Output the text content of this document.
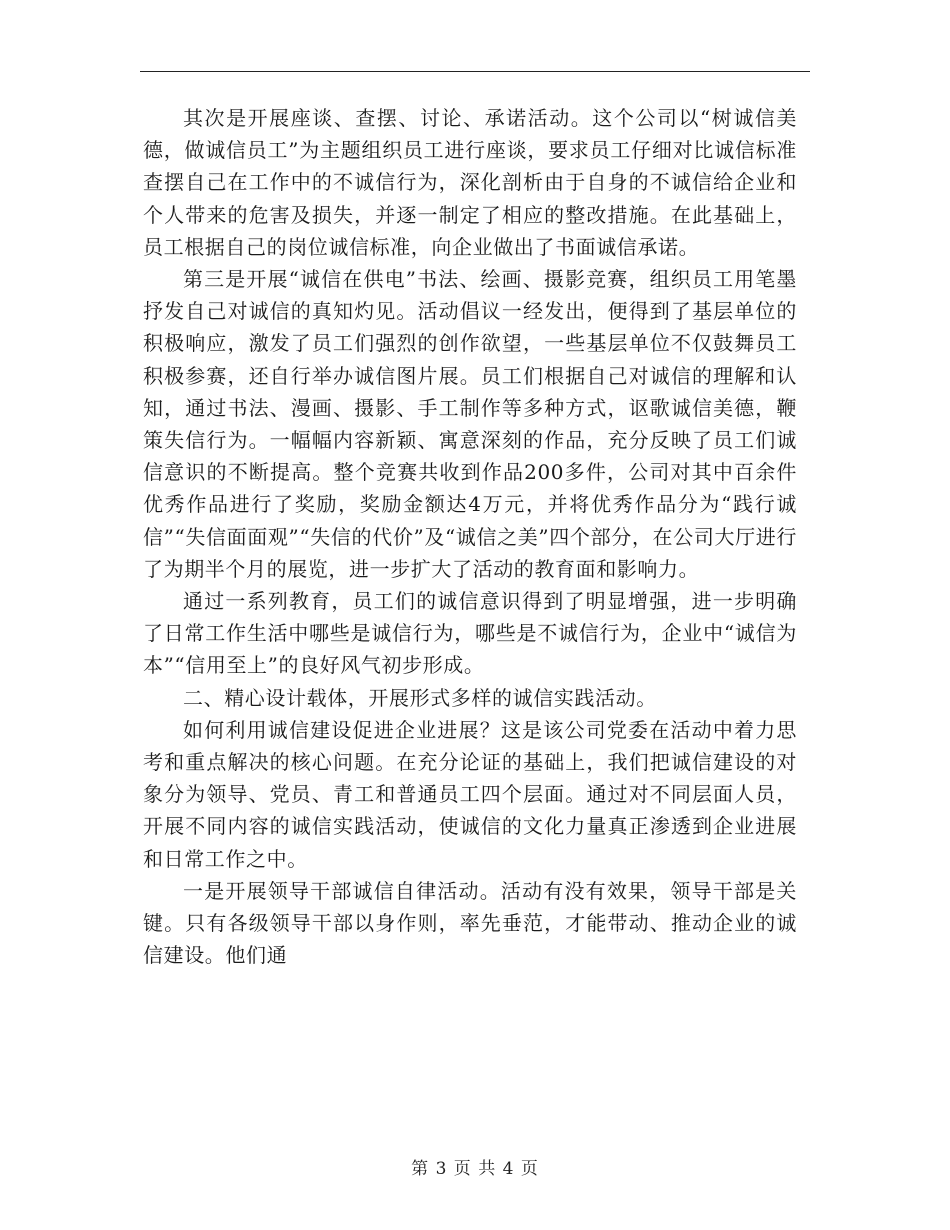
其次是开展座谈、查摆、讨论、承诺活动。这个公司以“树诚信美德，做诚信员工”为主题组织员工进行座谈，要求员工仔细对比诚信标准查摆自己在工作中的不诚信行为，深化剖析由于自身的不诚信给企业和个人带来的危害及损失，并逐一制定了相应的整改措施。在此基础上，员工根据自己的岗位诚信标准，向企业做出了书面诚信承诺。

第三是开展“诚信在供电”书法、绘画、摄影竞赛，组织员工用笔墨抒发自己对诚信的真知灼见。活动倡议一经发出，便得到了基层单位的积极响应，激发了员工们强烈的创作欲望，一些基层单位不仅鼓舞员工积极参赛，还自行举办诚信图片展。员工们根据自己对诚信的理解和认知，通过书法、漫画、摄影、手工制作等多种方式，讴歌诚信美德，鞭策失信行为。一幅幅内容新颖、寓意深刻的作品，充分反映了员工们诚信意识的不断提高。整个竞赛共收到作品200多件，公司对其中百余件优秀作品进行了奖励，奖励金额达4万元，并将优秀作品分为“践行诚信”“失信面面观”“失信的代价”及“诚信之美”四个部分，在公司大厅进行了为期半个月的展览，进一步扩大了活动的教育面和影响力。

通过一系列教育，员工们的诚信意识得到了明显增强，进一步明确了日常工作生活中哪些是诚信行为，哪些是不诚信行为，企业中“诚信为本”“信用至上”的良好风气初步形成。

二、精心设计载体，开展形式多样的诚信实践活动。

如何利用诚信建设促进企业进展？这是该公司党委在活动中着力思考和重点解决的核心问题。在充分论证的基础上，我们把诚信建设的对象分为领导、党员、青工和普通员工四个层面。通过对不同层面人员，开展不同内容的诚信实践活动，使诚信的文化力量真正渗透到企业进展和日常工作之中。

一是开展领导干部诚信自律活动。活动有没有效果，领导干部是关键。只有各级领导干部以身作则，率先垂范，才能带动、推动企业的诚信建设。他们通

第 3 页 共 4 页
